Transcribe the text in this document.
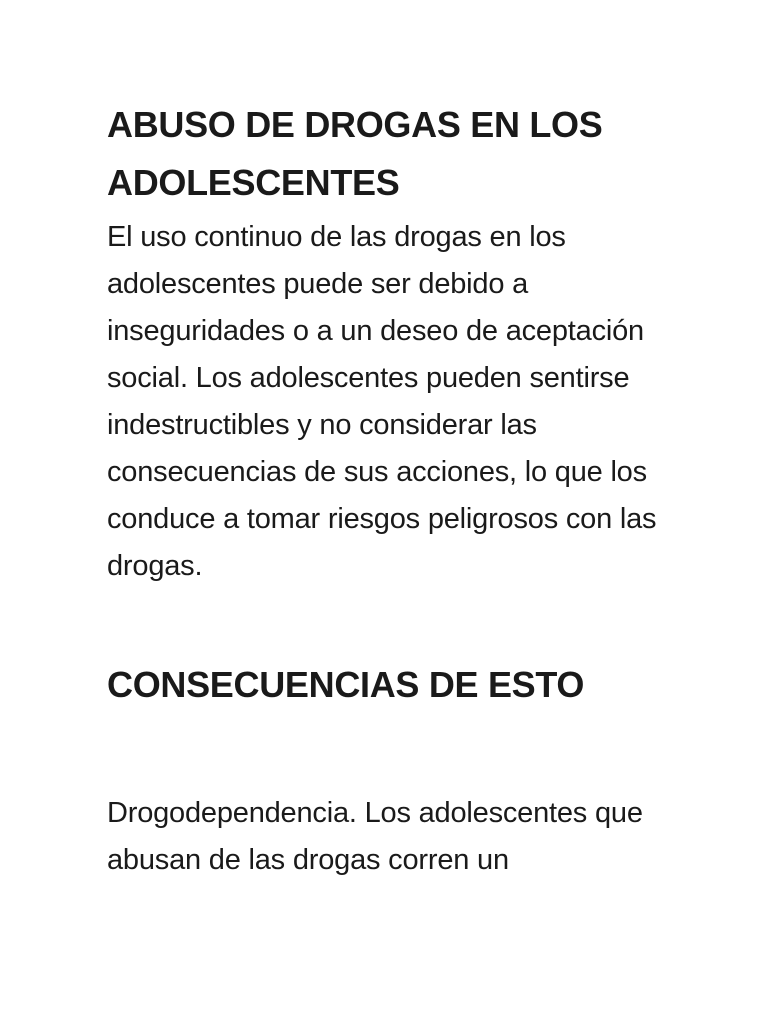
ABUSO DE DROGAS EN LOS ADOLESCENTES

El uso continuo de las drogas en los adolescentes puede ser debido a inseguridades o a un deseo de aceptación social. Los adolescentes pueden sentirse indestructibles y no considerar las consecuencias de sus acciones, lo que los conduce a tomar riesgos peligrosos con las drogas.

CONSECUENCIAS DE ESTO

Drogodependencia. Los adolescentes que abusan de las drogas corren un
